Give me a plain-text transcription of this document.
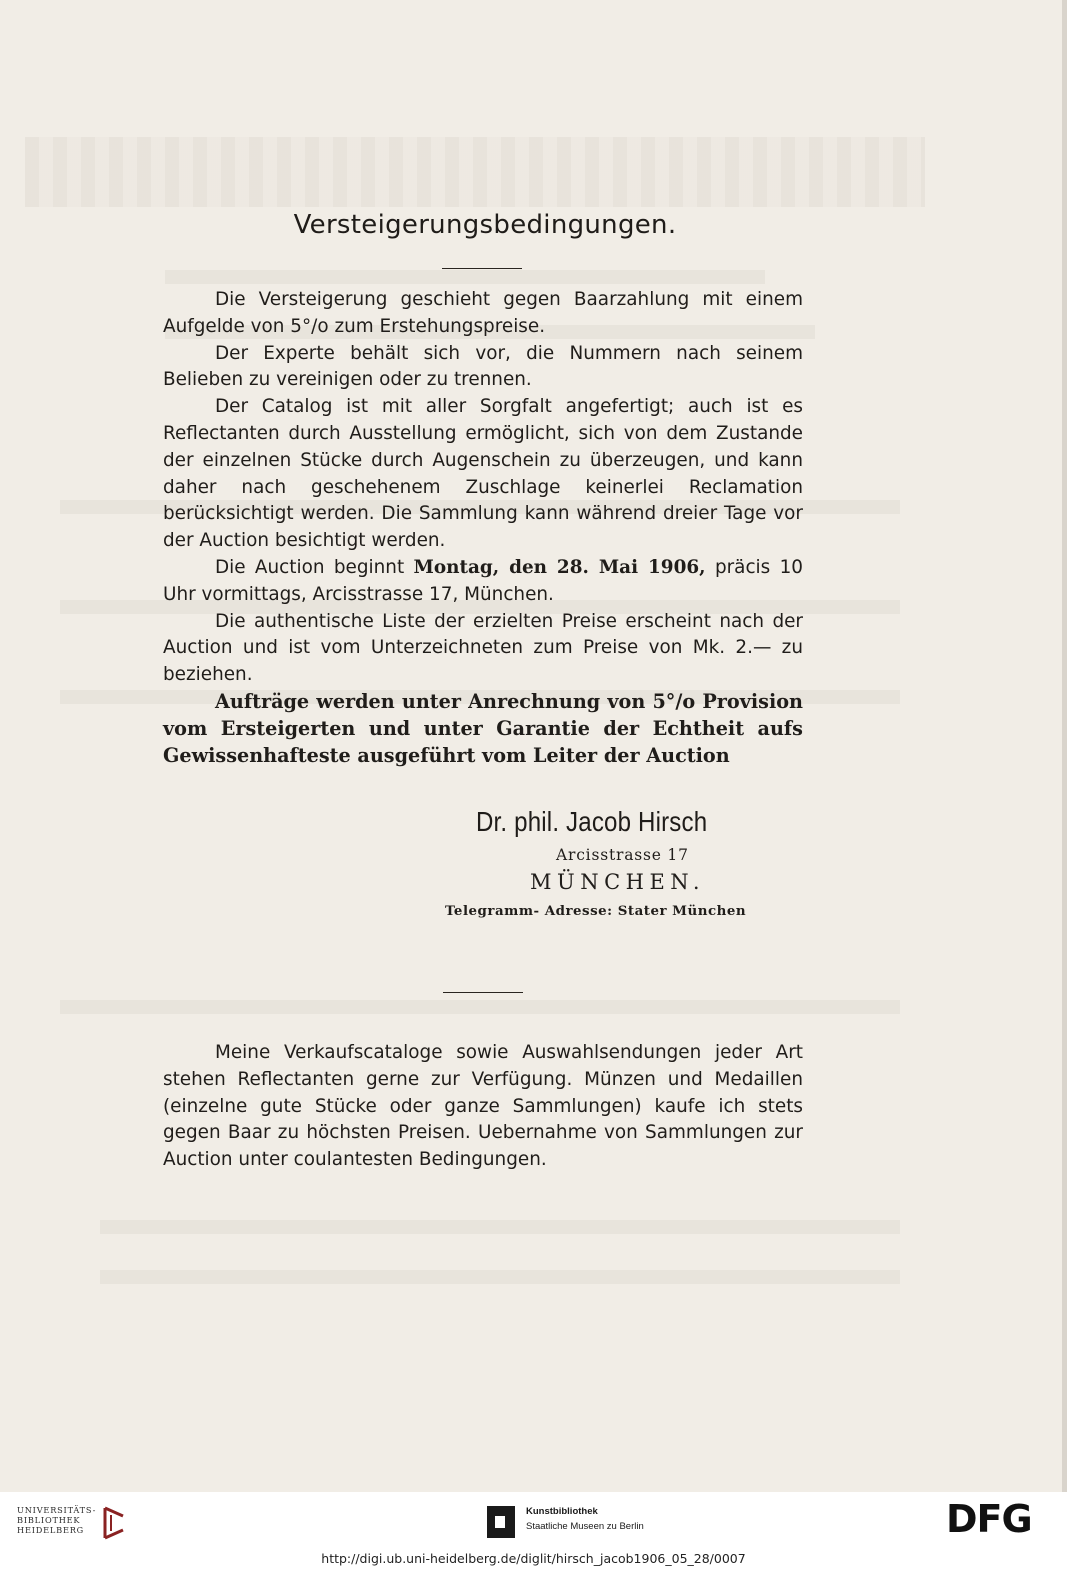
Versteigerungsbedingungen.

Die Versteigerung geschieht gegen Baarzahlung mit einem Aufgelde von 5°/o zum Erstehungspreise.

Der Experte behält sich vor, die Nummern nach seinem Belieben zu vereinigen oder zu trennen.

Der Catalog ist mit aller Sorgfalt angefertigt; auch ist es Reflectanten durch Ausstellung ermöglicht, sich von dem Zustande der einzelnen Stücke durch Augenschein zu überzeugen, und kann daher nach geschehenem Zuschlage keinerlei Reclamation berücksichtigt werden. Die Sammlung kann während dreier Tage vor der Auction besichtigt werden.

Die Auction beginnt Montag, den 28. Mai 1906, präcis 10 Uhr vormittags, Arcisstrasse 17, München.

Die authentische Liste der erzielten Preise erscheint nach der Auction und ist vom Unterzeichneten zum Preise von Mk. 2.— zu beziehen.

Aufträge werden unter Anrechnung von 5°/o Provision vom Ersteigerten und unter Garantie der Echtheit aufs Gewissenhafteste ausgeführt vom Leiter der Auction

Dr. phil. Jacob Hirsch
Arcisstrasse 17
MÜNCHEN.
Telegramm- Adresse: Stater München

Meine Verkaufscataloge sowie Auswahlsendungen jeder Art stehen Reflectanten gerne zur Verfügung. Münzen und Medaillen (einzelne gute Stücke oder ganze Sammlungen) kaufe ich stets gegen Baar zu höchsten Preisen. Uebernahme von Sammlungen zur Auction unter coulantesten Bedingungen.

UNIVERSITÄTS-
BIBLIOTHEK
HEIDELBERG
Kunstbibliothek
Staatliche Museen zu Berlin	DFG
http://digi.ub.uni-heidelberg.de/diglit/hirsch_jacob1906_05_28/0007
